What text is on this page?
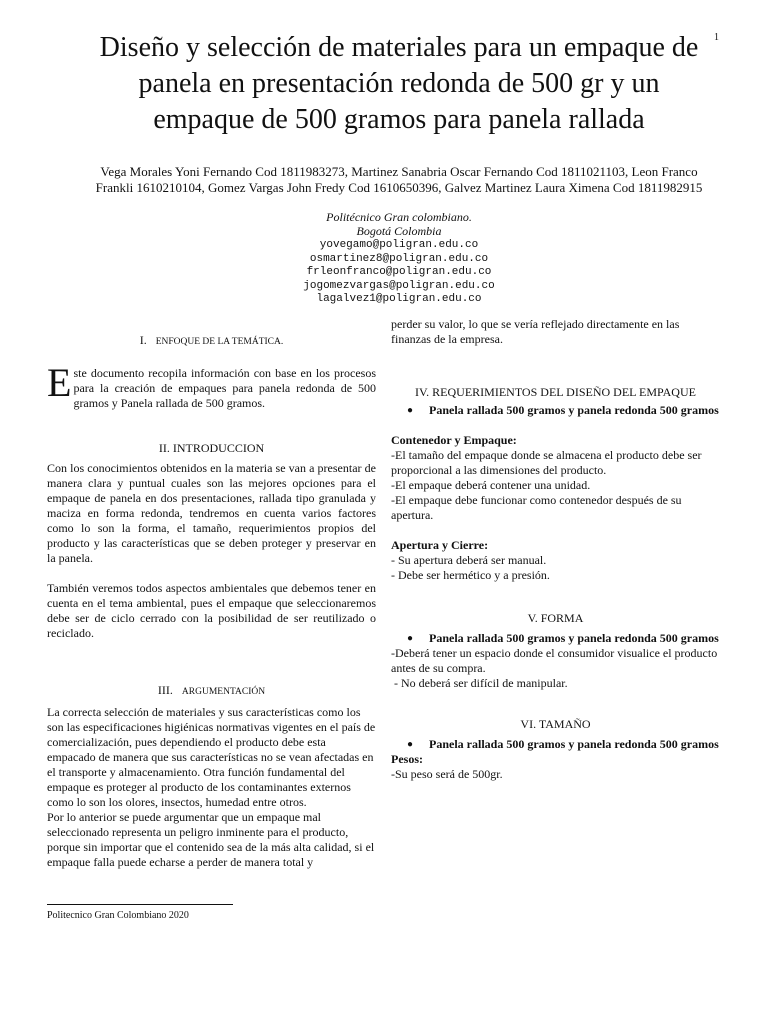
1
Diseño y selección de materiales para un empaque de panela en presentación redonda de 500 gr y un empaque de 500 gramos para panela rallada

Vega Morales Yoni Fernando Cod 1811983273, Martinez Sanabria Oscar Fernando Cod 1811021103, Leon Franco Frankli 1610210104, Gomez Vargas John Fredy Cod 1610650396, Galvez Martinez Laura Ximena Cod 1811982915

Politécnico Gran colombiano.
Bogotá Colombia
yovegamo@poligran.edu.co
osmartinez8@poligran.edu.co
frleonfranco@poligran.edu.co
jogomezvargas@poligran.edu.co
lagalvez1@poligran.edu.co
I. ENFOQUE DE LA TEMÁTICA.

Este documento recopila información con base en los procesos para la creación de empaques para panela redonda de 500 gramos y Panela rallada de 500 gramos.

II. INTRODUCCION

Con los conocimientos obtenidos en la materia se van a presentar de manera clara y puntual cuales son las mejores opciones para el empaque de panela en dos presentaciones, rallada tipo granulada y maciza en forma redonda, tendremos en cuenta varios factores como lo son la forma, el tamaño, requerimientos propios del producto y las características que se deben proteger y preservar en la panela.

También veremos todos aspectos ambientales que debemos tener en cuenta en el tema ambiental, pues el empaque que seleccionaremos debe ser de ciclo cerrado con la posibilidad de ser reutilizado o reciclado.

III. ARGUMENTACIÓN

La correcta selección de materiales y sus características como los son las especificaciones higiénicas normativas vigentes en el país de comercialización, pues dependiendo el producto debe esta empacado de manera que sus características no se vean afectadas en el transporte y almacenamiento. Otra función fundamental del empaque es proteger al producto de los contaminantes externos como lo son los olores, insectos, humedad entre otros.

Por lo anterior se puede argumentar que un empaque mal seleccionado representa un peligro inminente para el producto, porque sin importar que el contenido sea de la más alta calidad, si el empaque falla puede echarse a perder de manera total y

perder su valor, lo que se vería reflejado directamente en las finanzas de la empresa.

IV. REQUERIMIENTOS DEL DISEÑO DEL EMPAQUE
●	Panela rallada 500 gramos y panela redonda 500 gramos

Contenedor y Empaque:

-El tamaño del empaque donde se almacena el producto debe ser proporcional a las dimensiones del producto.

-El empaque deberá contener una unidad.

-El empaque debe funcionar como contenedor después de su apertura.

Apertura y Cierre:

- Su apertura deberá ser manual.

- Debe ser hermético y a presión.

V. FORMA
●	Panela rallada 500 gramos y panela redonda 500 gramos

-Deberá tener un espacio donde el consumidor visualice el producto antes de su compra.

- No deberá ser difícil de manipular.

VI. TAMAÑO
●	Panela rallada 500 gramos y panela redonda 500 gramos

Pesos:

-Su peso será de 500gr.

Politecnico Gran Colombiano 2020
